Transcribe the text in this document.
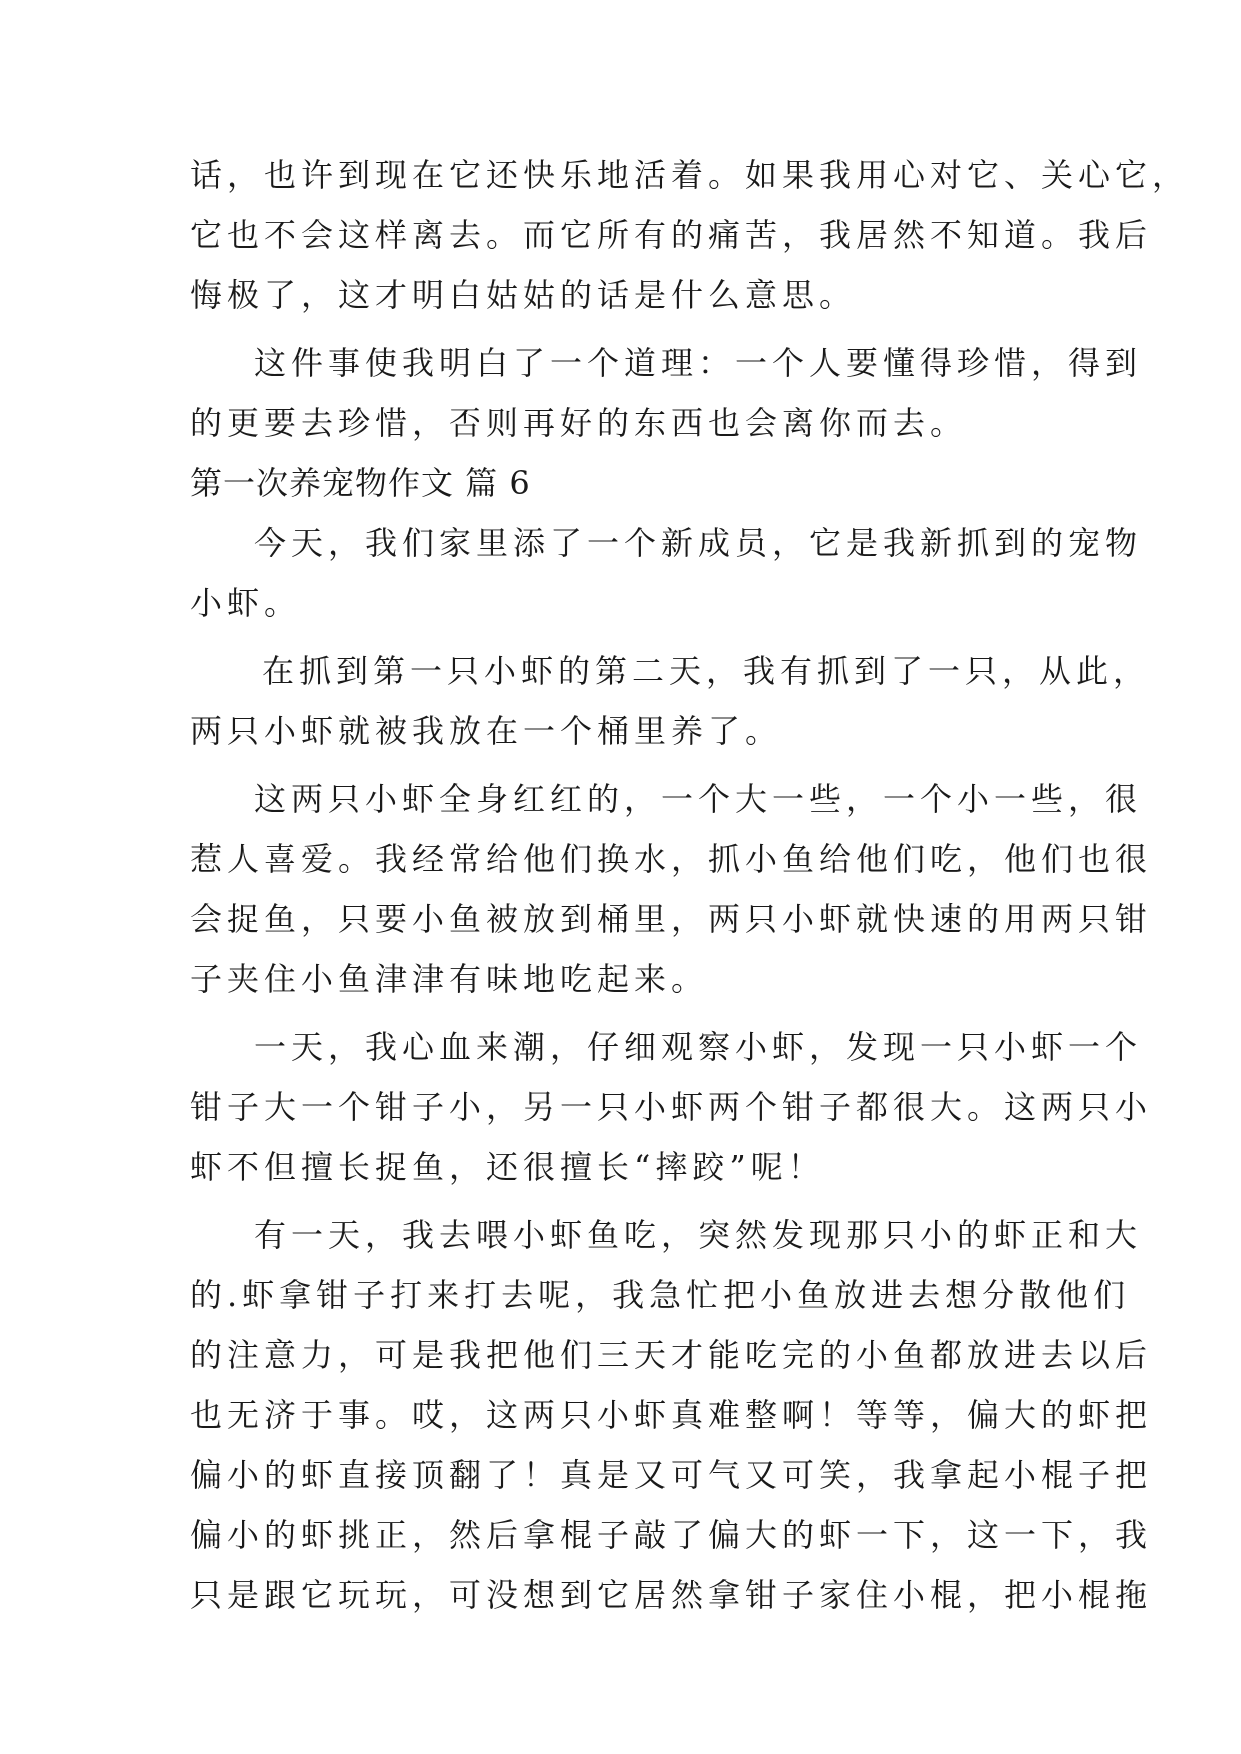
话，也许到现在它还快乐地活着。如果我用心对它、关心它，
它也不会这样离去。而它所有的痛苦，我居然不知道。我后
悔极了，这才明白姑姑的话是什么意思。
这件事使我明白了一个道理：一个人要懂得珍惜，得到
的更要去珍惜，否则再好的东西也会离你而去。
第一次养宠物作文 篇 6
今天，我们家里添了一个新成员，它是我新抓到的宠物
小虾。
在抓到第一只小虾的第二天，我有抓到了一只，从此，
两只小虾就被我放在一个桶里养了。
这两只小虾全身红红的，一个大一些，一个小一些，很
惹人喜爱。我经常给他们换水，抓小鱼给他们吃，他们也很
会捉鱼，只要小鱼被放到桶里，两只小虾就快速的用两只钳
子夹住小鱼津津有味地吃起来。
一天，我心血来潮，仔细观察小虾，发现一只小虾一个
钳子大一个钳子小，另一只小虾两个钳子都很大。这两只小
虾不但擅长捉鱼，还很擅长“摔跤”呢！
有一天，我去喂小虾鱼吃，突然发现那只小的虾正和大
的.虾拿钳子打来打去呢，我急忙把小鱼放进去想分散他们
的注意力，可是我把他们三天才能吃完的小鱼都放进去以后
也无济于事。哎，这两只小虾真难整啊！等等，偏大的虾把
偏小的虾直接顶翻了！真是又可气又可笑，我拿起小棍子把
偏小的虾挑正，然后拿棍子敲了偏大的虾一下，这一下，我
只是跟它玩玩，可没想到它居然拿钳子家住小棍，把小棍拖
